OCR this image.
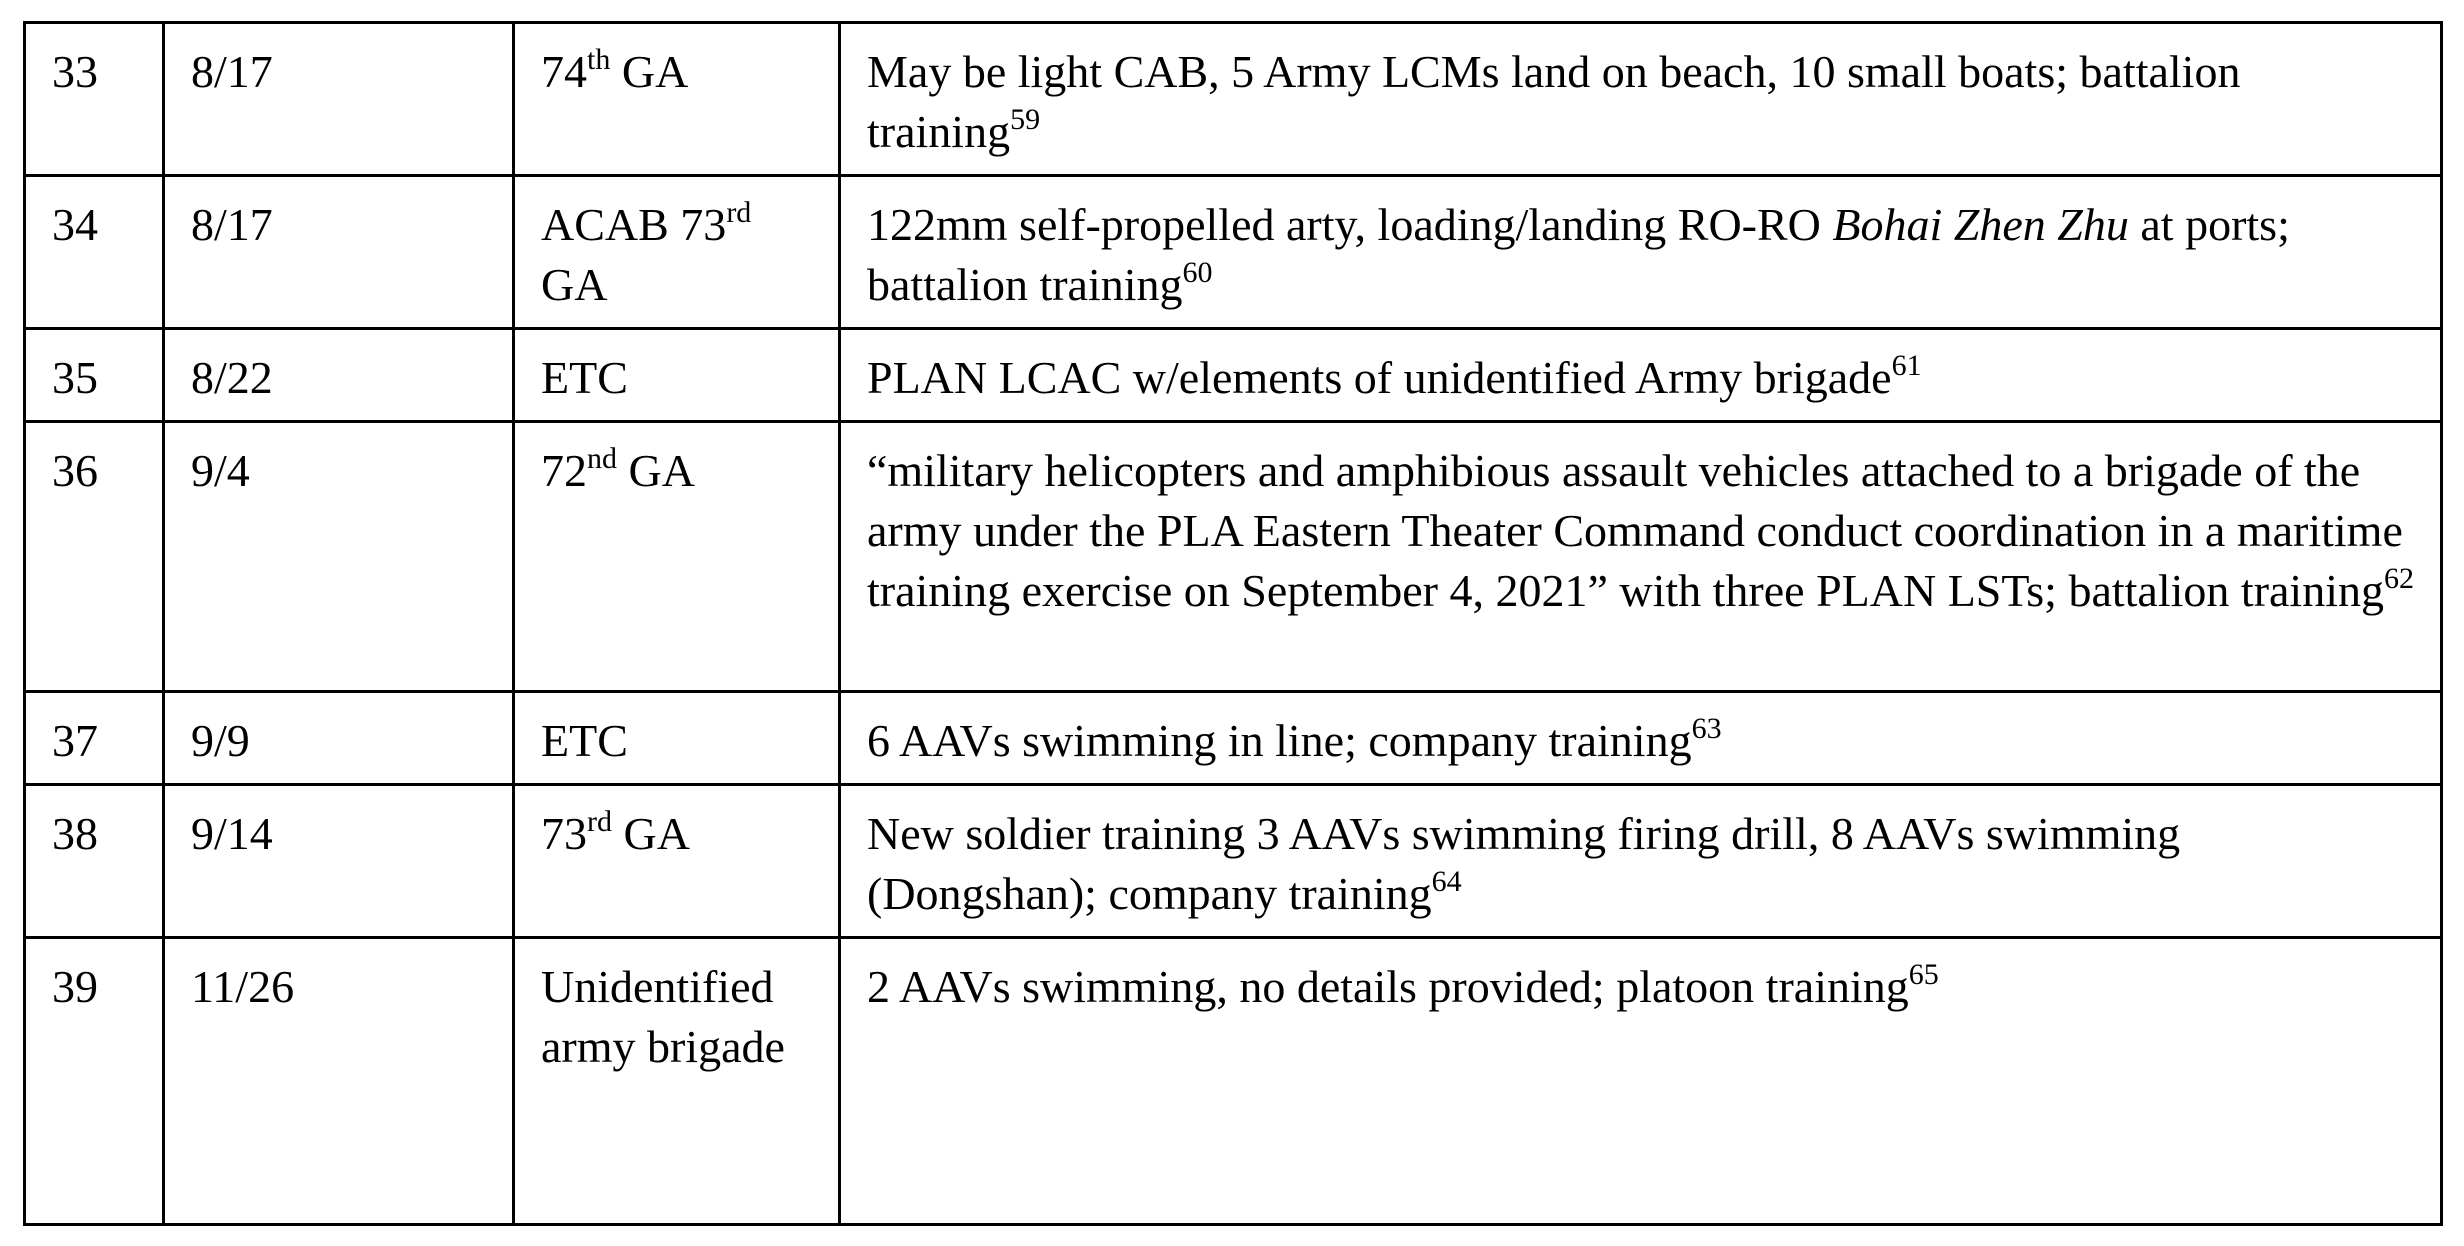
33	8/17	74th GA	May be light CAB, 5 Army LCMs land on beach, 10 small boats; battalion training$^{59}$
34	8/17	ACAB 73rd GA	122mm self-propelled arty, loading/landing RO-RO Bohai Zhen Zhu at ports; battalion training$^{60}$
35	8/22	ETC	PLAN LCAC w/elements of unidentified Army brigade$^{61}$
36	9/4	72nd GA	“military helicopters and amphibious assault vehicles attached to a brigade of the army under the PLA Eastern Theater Command conduct coordination in a maritime training exercise on September 4, 2021” with three PLAN LSTs; battalion training$^{62}$
37	9/9	ETC	6 AAVs swimming in line; company training$^{63}$
38	9/14	73rd GA	New soldier training 3 AAVs swimming firing drill, 8 AAVs swimming (Dongshan); company training$^{64}$
39	11/26	Unidentified army brigade	2 AAVs swimming, no details provided; platoon training$^{65}$
